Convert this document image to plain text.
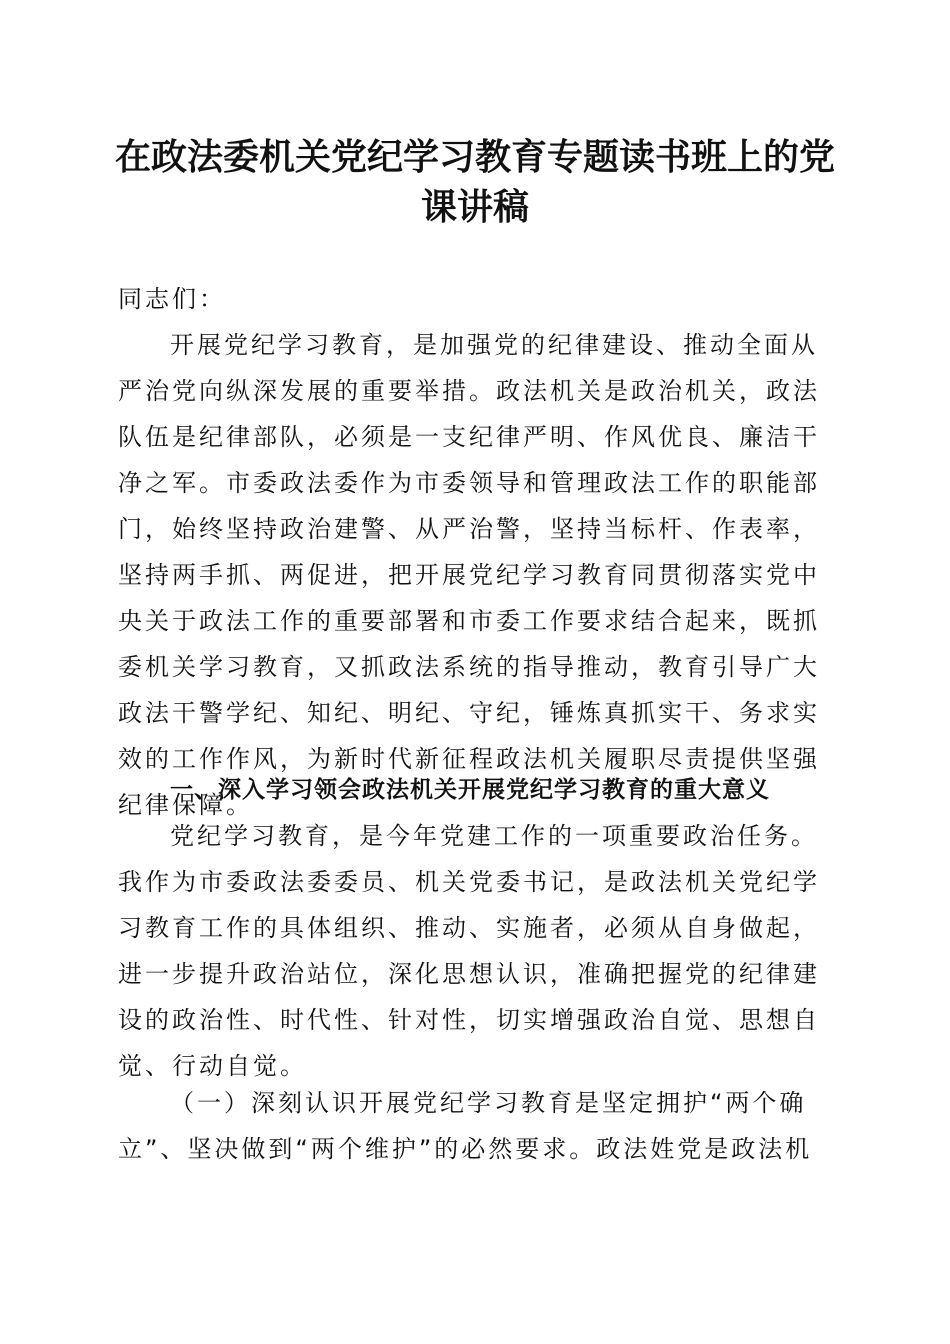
在政法委机关党纪学习教育专题读书班上的党课讲稿

同志们：

开展党纪学习教育，是加强党的纪律建设、推动全面从严治党向纵深发展的重要举措。政法机关是政治机关，政法队伍是纪律部队，必须是一支纪律严明、作风优良、廉洁干净之军。市委政法委作为市委领导和管理政法工作的职能部门，始终坚持政治建警、从严治警，坚持当标杆、作表率，坚持两手抓、两促进，把开展党纪学习教育同贯彻落实党中央关于政法工作的重要部署和市委工作要求结合起来，既抓委机关学习教育，又抓政法系统的指导推动，教育引导广大政法干警学纪、知纪、明纪、守纪，锤炼真抓实干、务求实效的工作作风，为新时代新征程政法机关履职尽责提供坚强纪律保障。

一、深入学习领会政法机关开展党纪学习教育的重大意义

党纪学习教育，是今年党建工作的一项重要政治任务。我作为市委政法委委员、机关党委书记，是政法机关党纪学习教育工作的具体组织、推动、实施者，必须从自身做起，进一步提升政治站位，深化思想认识，准确把握党的纪律建设的政治性、时代性、针对性，切实增强政治自觉、思想自觉、行动自觉。

（一）深刻认识开展党纪学习教育是坚定拥护“两个确立”、坚决做到“两个维护”的必然要求。政法姓党是政法机
